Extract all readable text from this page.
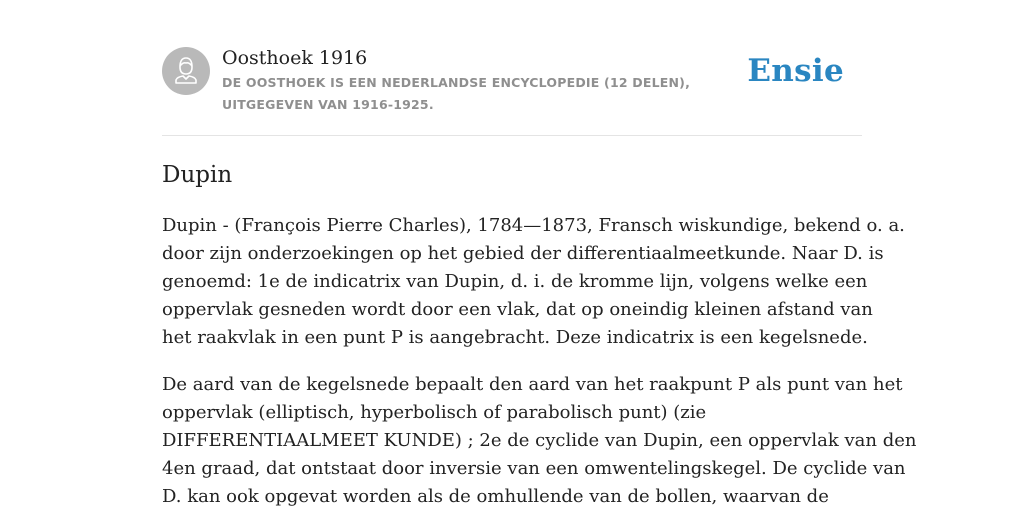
Oosthoek 1916
DE OOSTHOEK IS EEN NEDERLANDSE ENCYCLOPEDIE (12 DELEN), UITGEGEVEN VAN 1916-1925.
Ensie
Dupin
Dupin - (François Pierre Charles), 1784—1873, Fransch wiskundige, bekend o. a.
door zijn onderzoekingen op het gebied der differentiaalmeetkunde. Naar D. is
genoemd: 1e de indicatrix van Dupin, d. i. de kromme lijn, volgens welke een
oppervlak gesneden wordt door een vlak, dat op oneindig kleinen afstand van
het raakvlak in een punt P is aangebracht. Deze indicatrix is een kegelsnede.
De aard van de kegelsnede bepaalt den aard van het raakpunt P als punt van het
oppervlak (elliptisch, hyperbolisch of parabolisch punt) (zie
DIFFERENTIAALMEET KUNDE) ; 2e de cyclide van Dupin, een oppervlak van den
4en graad, dat ontstaat door inversie van een omwentelingskegel. De cyclide van
D. kan ook opgevat worden als de omhullende van de bollen, waarvan de
